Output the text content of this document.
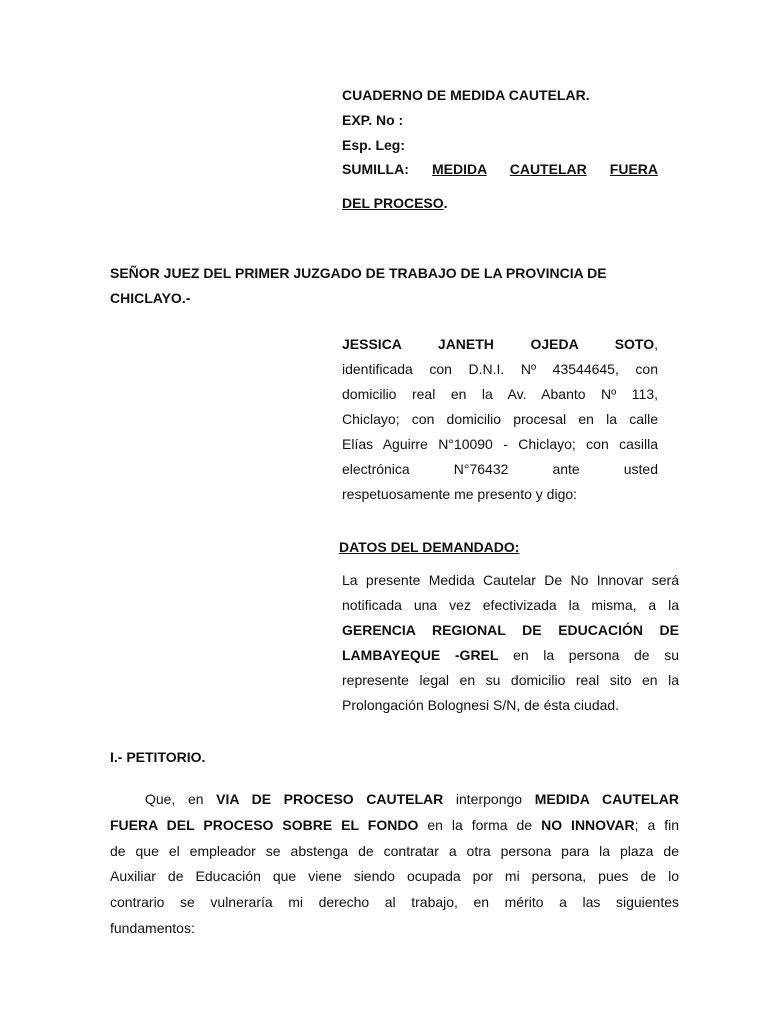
CUADERNO DE MEDIDA CAUTELAR.
EXP. No :
Esp. Leg:
SUMILLA: MEDIDA CAUTELAR FUERA
DEL PROCESO.
SEÑOR JUEZ DEL PRIMER JUZGADO DE TRABAJO DE LA PROVINCIA DE
CHICLAYO.-
JESSICA JANETH OJEDA SOTO,
identificada con D.N.I. Nº 43544645, con
domicilio real en la Av. Abanto Nº 113,
Chiclayo; con domicilio procesal en la calle
Elías Aguirre N°10090 - Chiclayo; con casilla
electrónica N°76432 ante usted
respetuosamente me presento y digo:
DATOS DEL DEMANDADO:
La presente Medida Cautelar De No Innovar será
notificada una vez efectivizada la misma, a la
GERENCIA REGIONAL DE EDUCACIÓN DE
LAMBAYEQUE -GREL en la persona de su
represente legal en su domicilio real sito en la
Prolongación Bolognesi S/N, de ésta ciudad.
I.- PETITORIO.
Que, en VIA DE PROCESO CAUTELAR interpongo MEDIDA CAUTELAR
FUERA DEL PROCESO SOBRE EL FONDO en la forma de NO INNOVAR; a fin
de que el empleador se abstenga de contratar a otra persona para la plaza de
Auxiliar de Educación que viene siendo ocupada por mi persona, pues de lo
contrario se vulneraría mi derecho al trabajo, en mérito a las siguientes
fundamentos:
